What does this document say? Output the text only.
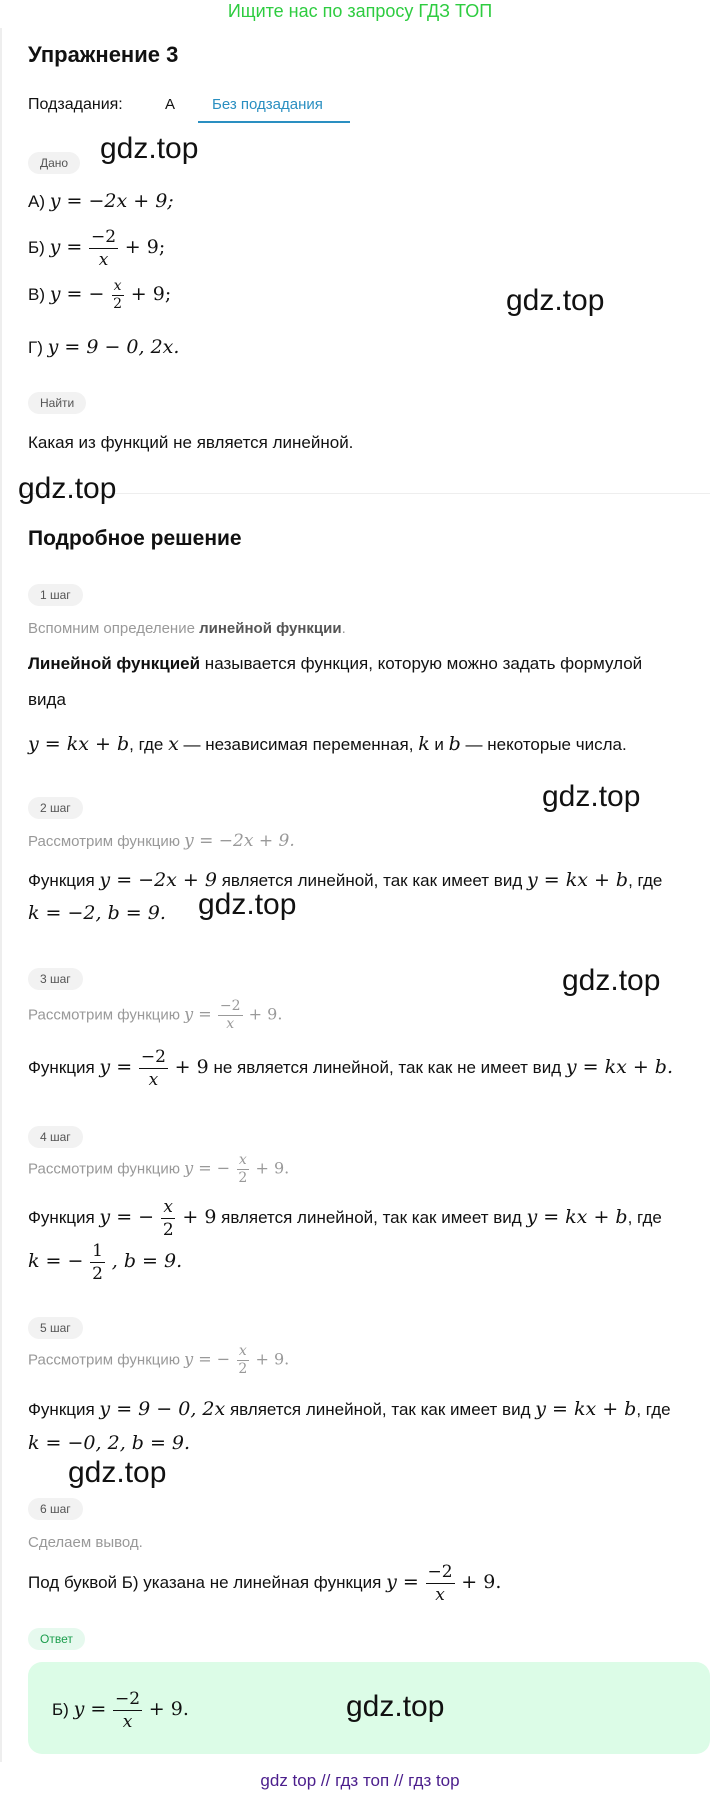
Ищите нас по запросу ГДЗ ТОП
Упражнение 3
Подзадания:	А Без подзадания
Дано
А) y = −2x + 9;
Б) $y = \frac{-2}{x} + 9$;
В) y = − $\frac{x}{2} + 9$;
Г) y = 9 − 0, 2x.
Найти
Какая из функций не является линейной.
Подробное решение
1 шаг
Вспомним определение линейной функции.
Линейной функцией называется функция, которую можно задать формулой
вида
y = kx + b, где x — независимая переменная, k и b — некоторые числа.
2 шаг
Рассмотрим функцию y = −2x + 9.
Функция y = −2x + 9 является линейной, так как имеет вид y = kx + b, где
k = −2, b = 9.
3 шаг
Рассмотрим функцию $y = \frac{-2}{x} + 9$.
Функция $y = \frac{-2}{x} + 9$ не является линейной, так как не имеет вид y = kx + b.
4 шаг
Рассмотрим функцию y = − $\frac{x}{2} + 9$.
Функция y = − $\frac{x}{2} + 9$ является линейной, так как имеет вид y = kx + b, где
k = − $\frac{1}{2}$ , b = 9.
5 шаг
Рассмотрим функцию y = − $\frac{x}{2} + 9$.
Функция y = 9 − 0, 2x является линейной, так как имеет вид y = kx + b, где
k = −0, 2, b = 9.
6 шаг
Сделаем вывод.
Под буквой Б) указана не линейная функция $y = \frac{-2}{x} + 9$.
Ответ
Б) $y = \frac{-2}{x} + 9$.
gdz.top
gdz.top
gdz.top
gdz.top
gdz.top
gdz.top
gdz.top
gdz.top
gdz top // гдз топ // гдз top
